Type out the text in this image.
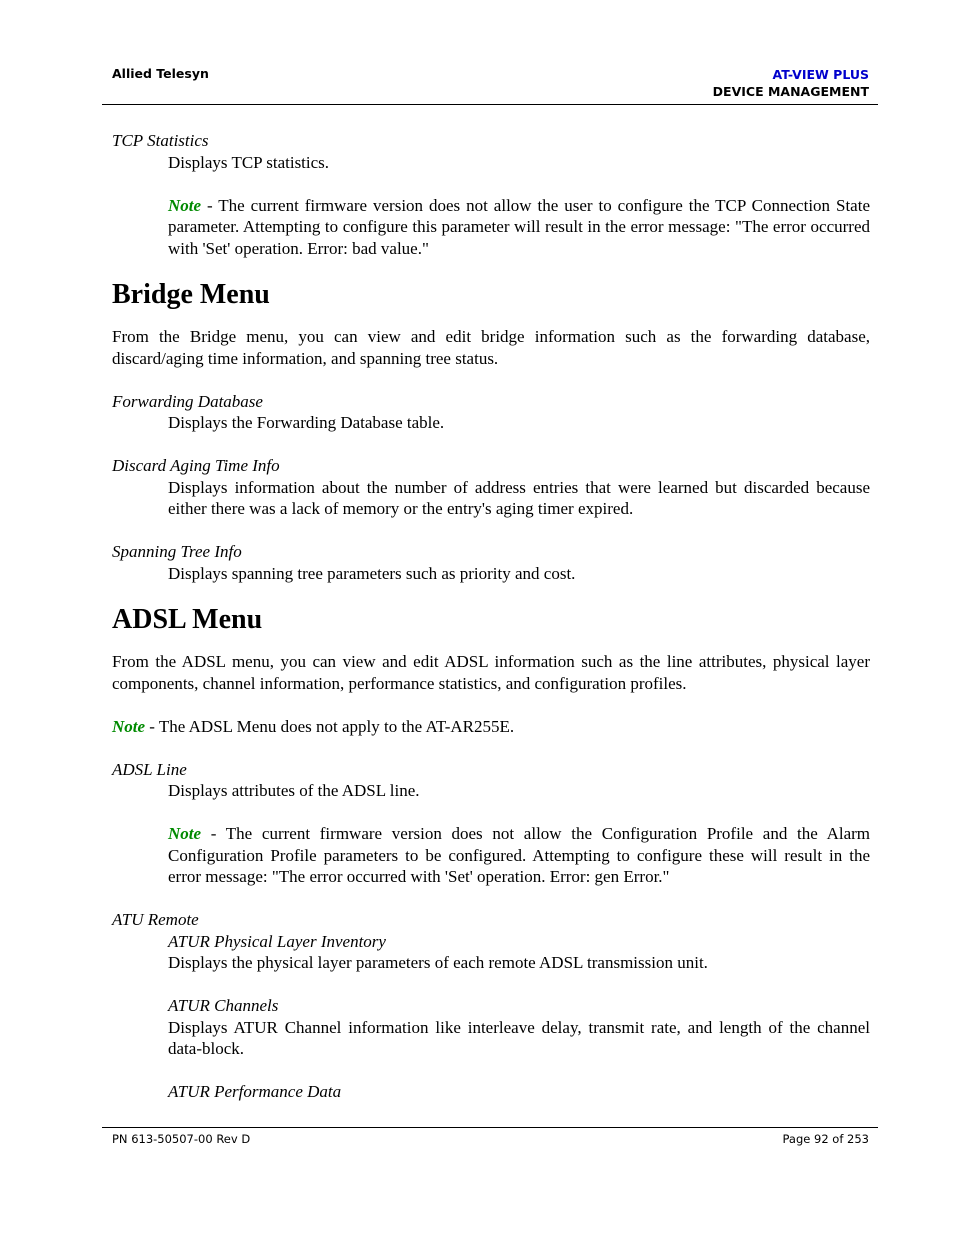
Allied Telesyn	AT-VIEW PLUS
DEVICE MANAGEMENT

TCP Statistics

Displays TCP statistics.

Note - The current firmware version does not allow the user to configure the TCP Connection State parameter. Attempting to configure this parameter will result in the error message: "The error occurred with 'Set' operation. Error: bad value."

Bridge Menu

From the Bridge menu, you can view and edit bridge information such as the forwarding database, discard/aging time information, and spanning tree status.

Forwarding Database

Displays the Forwarding Database table.

Discard Aging Time Info

Displays information about the number of address entries that were learned but discarded because either there was a lack of memory or the entry's aging timer expired.

Spanning Tree Info

Displays spanning tree parameters such as priority and cost.

ADSL Menu

From the ADSL menu, you can view and edit ADSL information such as the line attributes, physical layer components, channel information, performance statistics, and configuration profiles.

Note - The ADSL Menu does not apply to the AT-AR255E.

ADSL Line

Displays attributes of the ADSL line.

Note - The current firmware version does not allow the Configuration Profile and the Alarm Configuration Profile parameters to be configured. Attempting to configure these will result in the error message: "The error occurred with 'Set' operation. Error: gen Error."

ATU Remote

ATUR Physical Layer Inventory

Displays the physical layer parameters of each remote ADSL transmission unit.

ATUR Channels

Displays ATUR Channel information like interleave delay, transmit rate, and length of the channel data-block.

ATUR Performance Data

PN 613-50507-00 Rev D	Page 92 of 253
